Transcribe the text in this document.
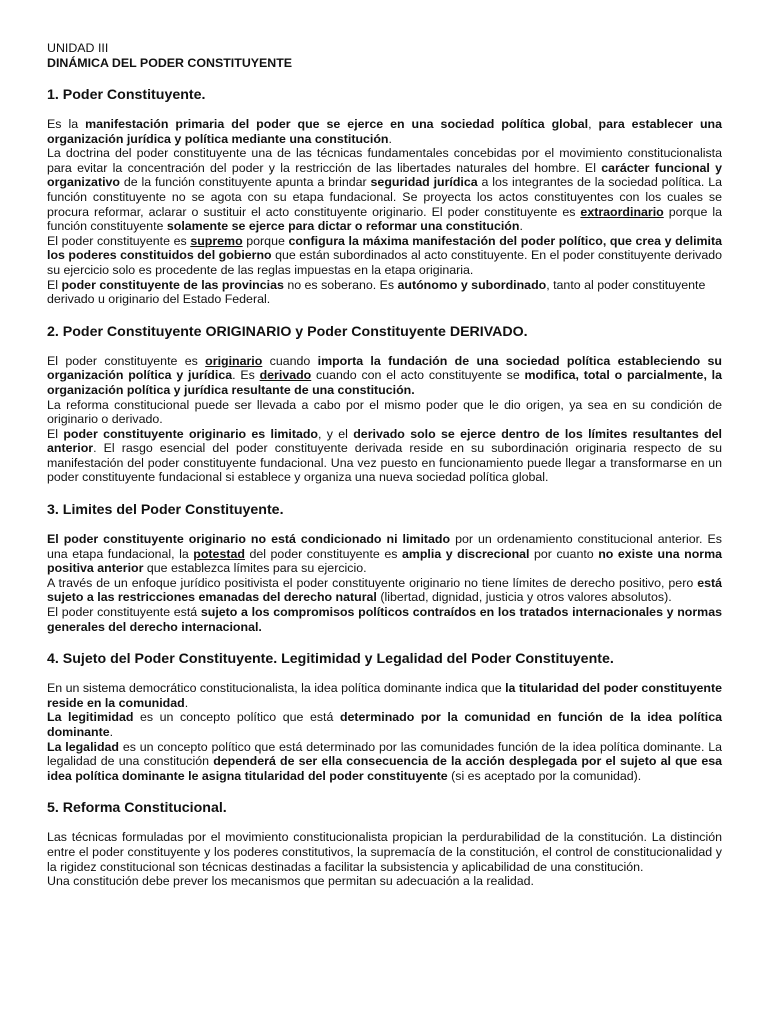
UNIDAD III
DINÁMICA DEL PODER CONSTITUYENTE
1. Poder Constituyente.

Es la manifestación primaria del poder que se ejerce en una sociedad política global, para establecer una organización jurídica y política mediante una constitución.

La doctrina del poder constituyente una de las técnicas fundamentales concebidas por el movimiento constitucionalista para evitar la concentración del poder y la restricción de las libertades naturales del hombre. El carácter funcional y organizativo de la función constituyente apunta a brindar seguridad jurídica a los integrantes de la sociedad política. La función constituyente no se agota con su etapa fundacional. Se proyecta los actos constituyentes con los cuales se procura reformar, aclarar o sustituir el acto constituyente originario. El poder constituyente es extraordinario porque la función constituyente solamente se ejerce para dictar o reformar una constitución.

El poder constituyente es supremo porque configura la máxima manifestación del poder político, que crea y delimita los poderes constituidos del gobierno que están subordinados al acto constituyente. En el poder constituyente derivado su ejercicio solo es procedente de las reglas impuestas en la etapa originaria.

El poder constituyente de las provincias no es soberano. Es autónomo y subordinado, tanto al poder constituyente derivado u originario del Estado Federal.

2. Poder Constituyente ORIGINARIO y Poder Constituyente DERIVADO.

El poder constituyente es originario cuando importa la fundación de una sociedad política estableciendo su organización política y jurídica. Es derivado cuando con el acto constituyente se modifica, total o parcialmente, la organización política y jurídica resultante de una constitución.

La reforma constitucional puede ser llevada a cabo por el mismo poder que le dio origen, ya sea en su condición de originario o derivado.

El poder constituyente originario es limitado, y el derivado solo se ejerce dentro de los límites resultantes del anterior. El rasgo esencial del poder constituyente derivada reside en su subordinación originaria respecto de su manifestación del poder constituyente fundacional. Una vez puesto en funcionamiento puede llegar a transformarse en un poder constituyente fundacional si establece y organiza una nueva sociedad política global.

3. Limites del Poder Constituyente.

El poder constituyente originario no está condicionado ni limitado por un ordenamiento constitucional anterior. Es una etapa fundacional, la potestad del poder constituyente es amplia y discrecional por cuanto no existe una norma positiva anterior que establezca límites para su ejercicio.

A través de un enfoque jurídico positivista el poder constituyente originario no tiene límites de derecho positivo, pero está sujeto a las restricciones emanadas del derecho natural (libertad, dignidad, justicia y otros valores absolutos).

El poder constituyente está sujeto a los compromisos políticos contraídos en los tratados internacionales y normas generales del derecho internacional.

4. Sujeto del Poder Constituyente. Legitimidad y Legalidad del Poder Constituyente.

En un sistema democrático constitucionalista, la idea política dominante indica que la titularidad del poder constituyente reside en la comunidad.

La legitimidad es un concepto político que está determinado por la comunidad en función de la idea política dominante.

La legalidad es un concepto político que está determinado por las comunidades función de la idea política dominante. La legalidad de una constitución dependerá de ser ella consecuencia de la acción desplegada por el sujeto al que esa idea política dominante le asigna titularidad del poder constituyente (si es aceptado por la comunidad).

5. Reforma Constitucional.

Las técnicas formuladas por el movimiento constitucionalista propician la perdurabilidad de la constitución. La distinción entre el poder constituyente y los poderes constitutivos, la supremacía de la constitución, el control de constitucionalidad y la rigidez constitucional son técnicas destinadas a facilitar la subsistencia y aplicabilidad de una constitución.

Una constitución debe prever los mecanismos que permitan su adecuación a la realidad.
